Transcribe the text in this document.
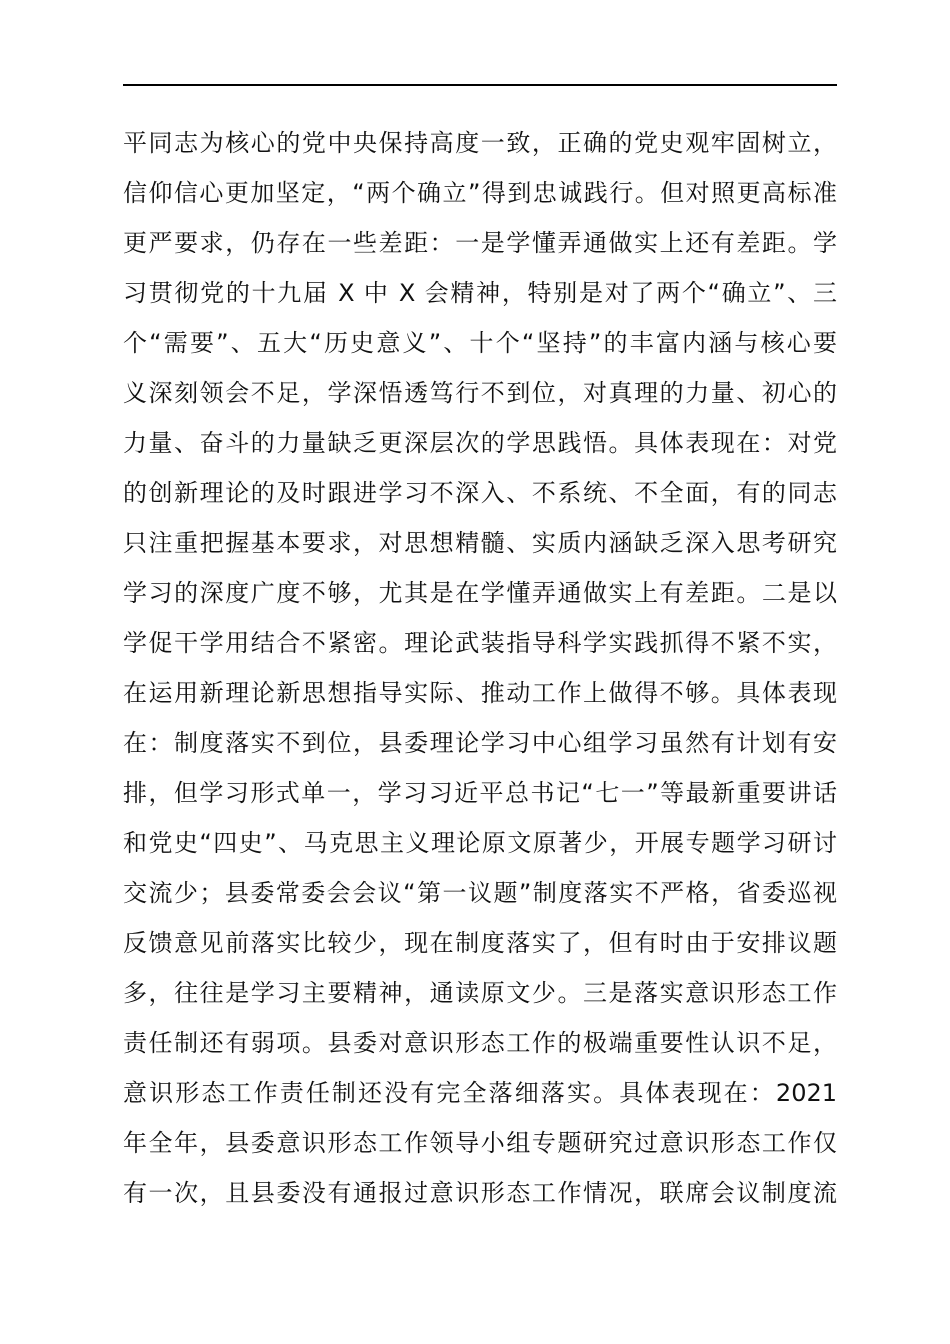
平同志为核心的党中央保持高度一致，正确的党史观牢固树立，
信仰信心更加坚定，“两个确立”得到忠诚践行。但对照更高标准
更严要求，仍存在一些差距：一是学懂弄通做实上还有差距。学
习贯彻党的十九届 X 中 X 会精神，特别是对了两个“确立”、三
个“需要”、五大“历史意义”、十个“坚持”的丰富内涵与核心要
义深刻领会不足，学深悟透笃行不到位，对真理的力量、初心的
力量、奋斗的力量缺乏更深层次的学思践悟。具体表现在：对党
的创新理论的及时跟进学习不深入、不系统、不全面，有的同志
只注重把握基本要求，对思想精髓、实质内涵缺乏深入思考研究
学习的深度广度不够，尤其是在学懂弄通做实上有差距。二是以
学促干学用结合不紧密。理论武装指导科学实践抓得不紧不实，
在运用新理论新思想指导实际、推动工作上做得不够。具体表现
在：制度落实不到位，县委理论学习中心组学习虽然有计划有安
排，但学习形式单一，学习习近平总书记“七一”等最新重要讲话
和党史“四史”、马克思主义理论原文原著少，开展专题学习研讨
交流少；县委常委会会议“第一议题”制度落实不严格，省委巡视
反馈意见前落实比较少，现在制度落实了，但有时由于安排议题
多，往往是学习主要精神，通读原文少。三是落实意识形态工作
责任制还有弱项。县委对意识形态工作的极端重要性认识不足，
意识形态工作责任制还没有完全落细落实。具体表现在：2021
年全年，县委意识形态工作领导小组专题研究过意识形态工作仅
有一次，且县委没有通报过意识形态工作情况，联席会议制度流
